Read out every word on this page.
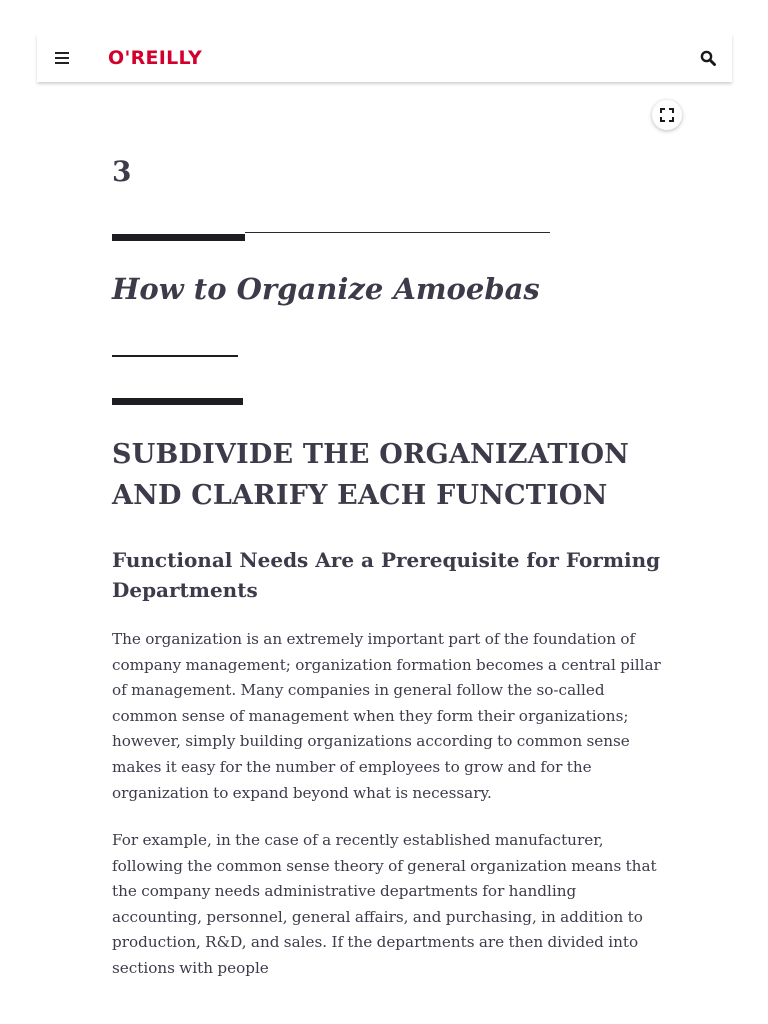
O'REILLY
3
How to Organize Amoebas
SUBDIVIDE THE ORGANIZATION AND CLARIFY EACH FUNCTION
Functional Needs Are a Prerequisite for Forming Departments

The organization is an extremely important part of the foundation of company management; organization formation becomes a central pillar of management. Many companies in general follow the so-called common sense of management when they form their organizations; however, simply building organizations according to common sense makes it easy for the number of employees to grow and for the organization to expand beyond what is necessary.

For example, in the case of a recently established manufacturer, following the common sense theory of general organization means that the company needs administrative departments for handling accounting, personnel, general affairs, and purchasing, in addition to production, R&D, and sales. If the departments are then divided into sections with people
